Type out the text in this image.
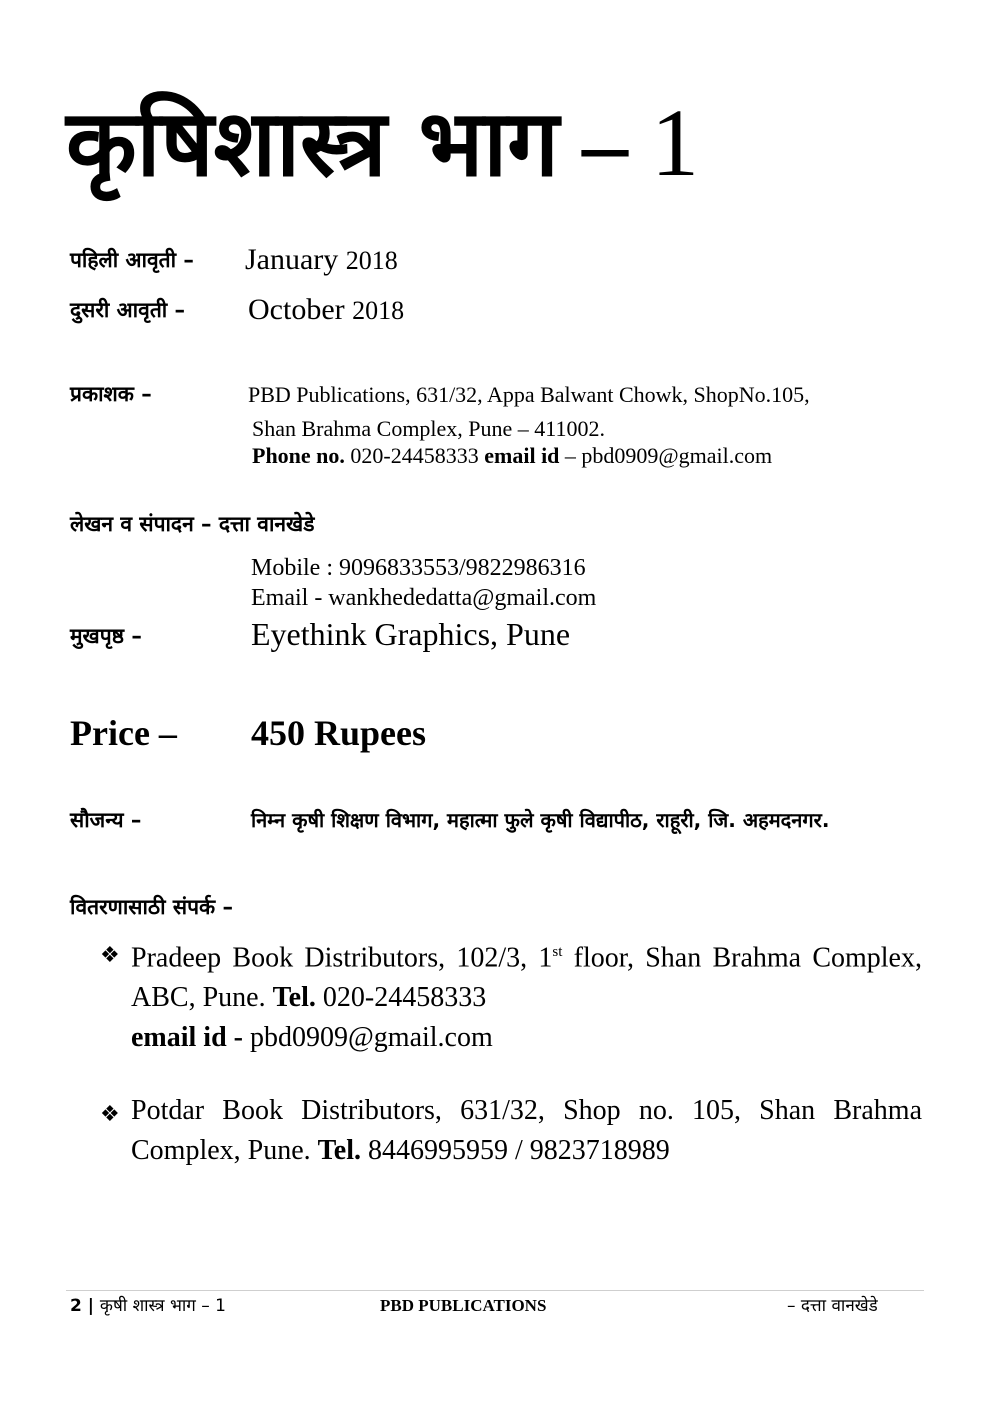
कृषिशास्त्र भाग – 1
पहिली आवृती – January 2018
दुसरी आवृती – October 2018
प्रकाशक –	PBD Publications, 631/32, Appa Balwant Chowk, ShopNo.105,
Shan Brahma Complex, Pune – 411002.
Phone no. 020-24458333 email id – pbd0909@gmail.com
लेखन व संपादन – दत्ता वानखेडे
Mobile : 9096833553/9822986316
Email - wankhededatta@gmail.com
मुखपृष्ठ –	Eyethink Graphics, Pune
Price – 450 Rupees
सौजन्य –	निम्न कृषी शिक्षण विभाग, महात्मा फुले कृषी विद्यापीठ, राहूरी, जि. अहमदनगर.
वितरणासाठी संपर्क –
❖ Pradeep Book Distributors, 102/3, 1st floor, Shan Brahma Complex, ABC, Pune. Tel. 020-24458333
email id - pbd0909@gmail.com
❖ Potdar Book Distributors, 631/32, Shop no. 105, Shan Brahma Complex, Pune. Tel. 8446995959 / 9823718989
2 | कृषी शास्त्र भाग – 1	PBD PUBLICATIONS	– दत्ता वानखेडे
